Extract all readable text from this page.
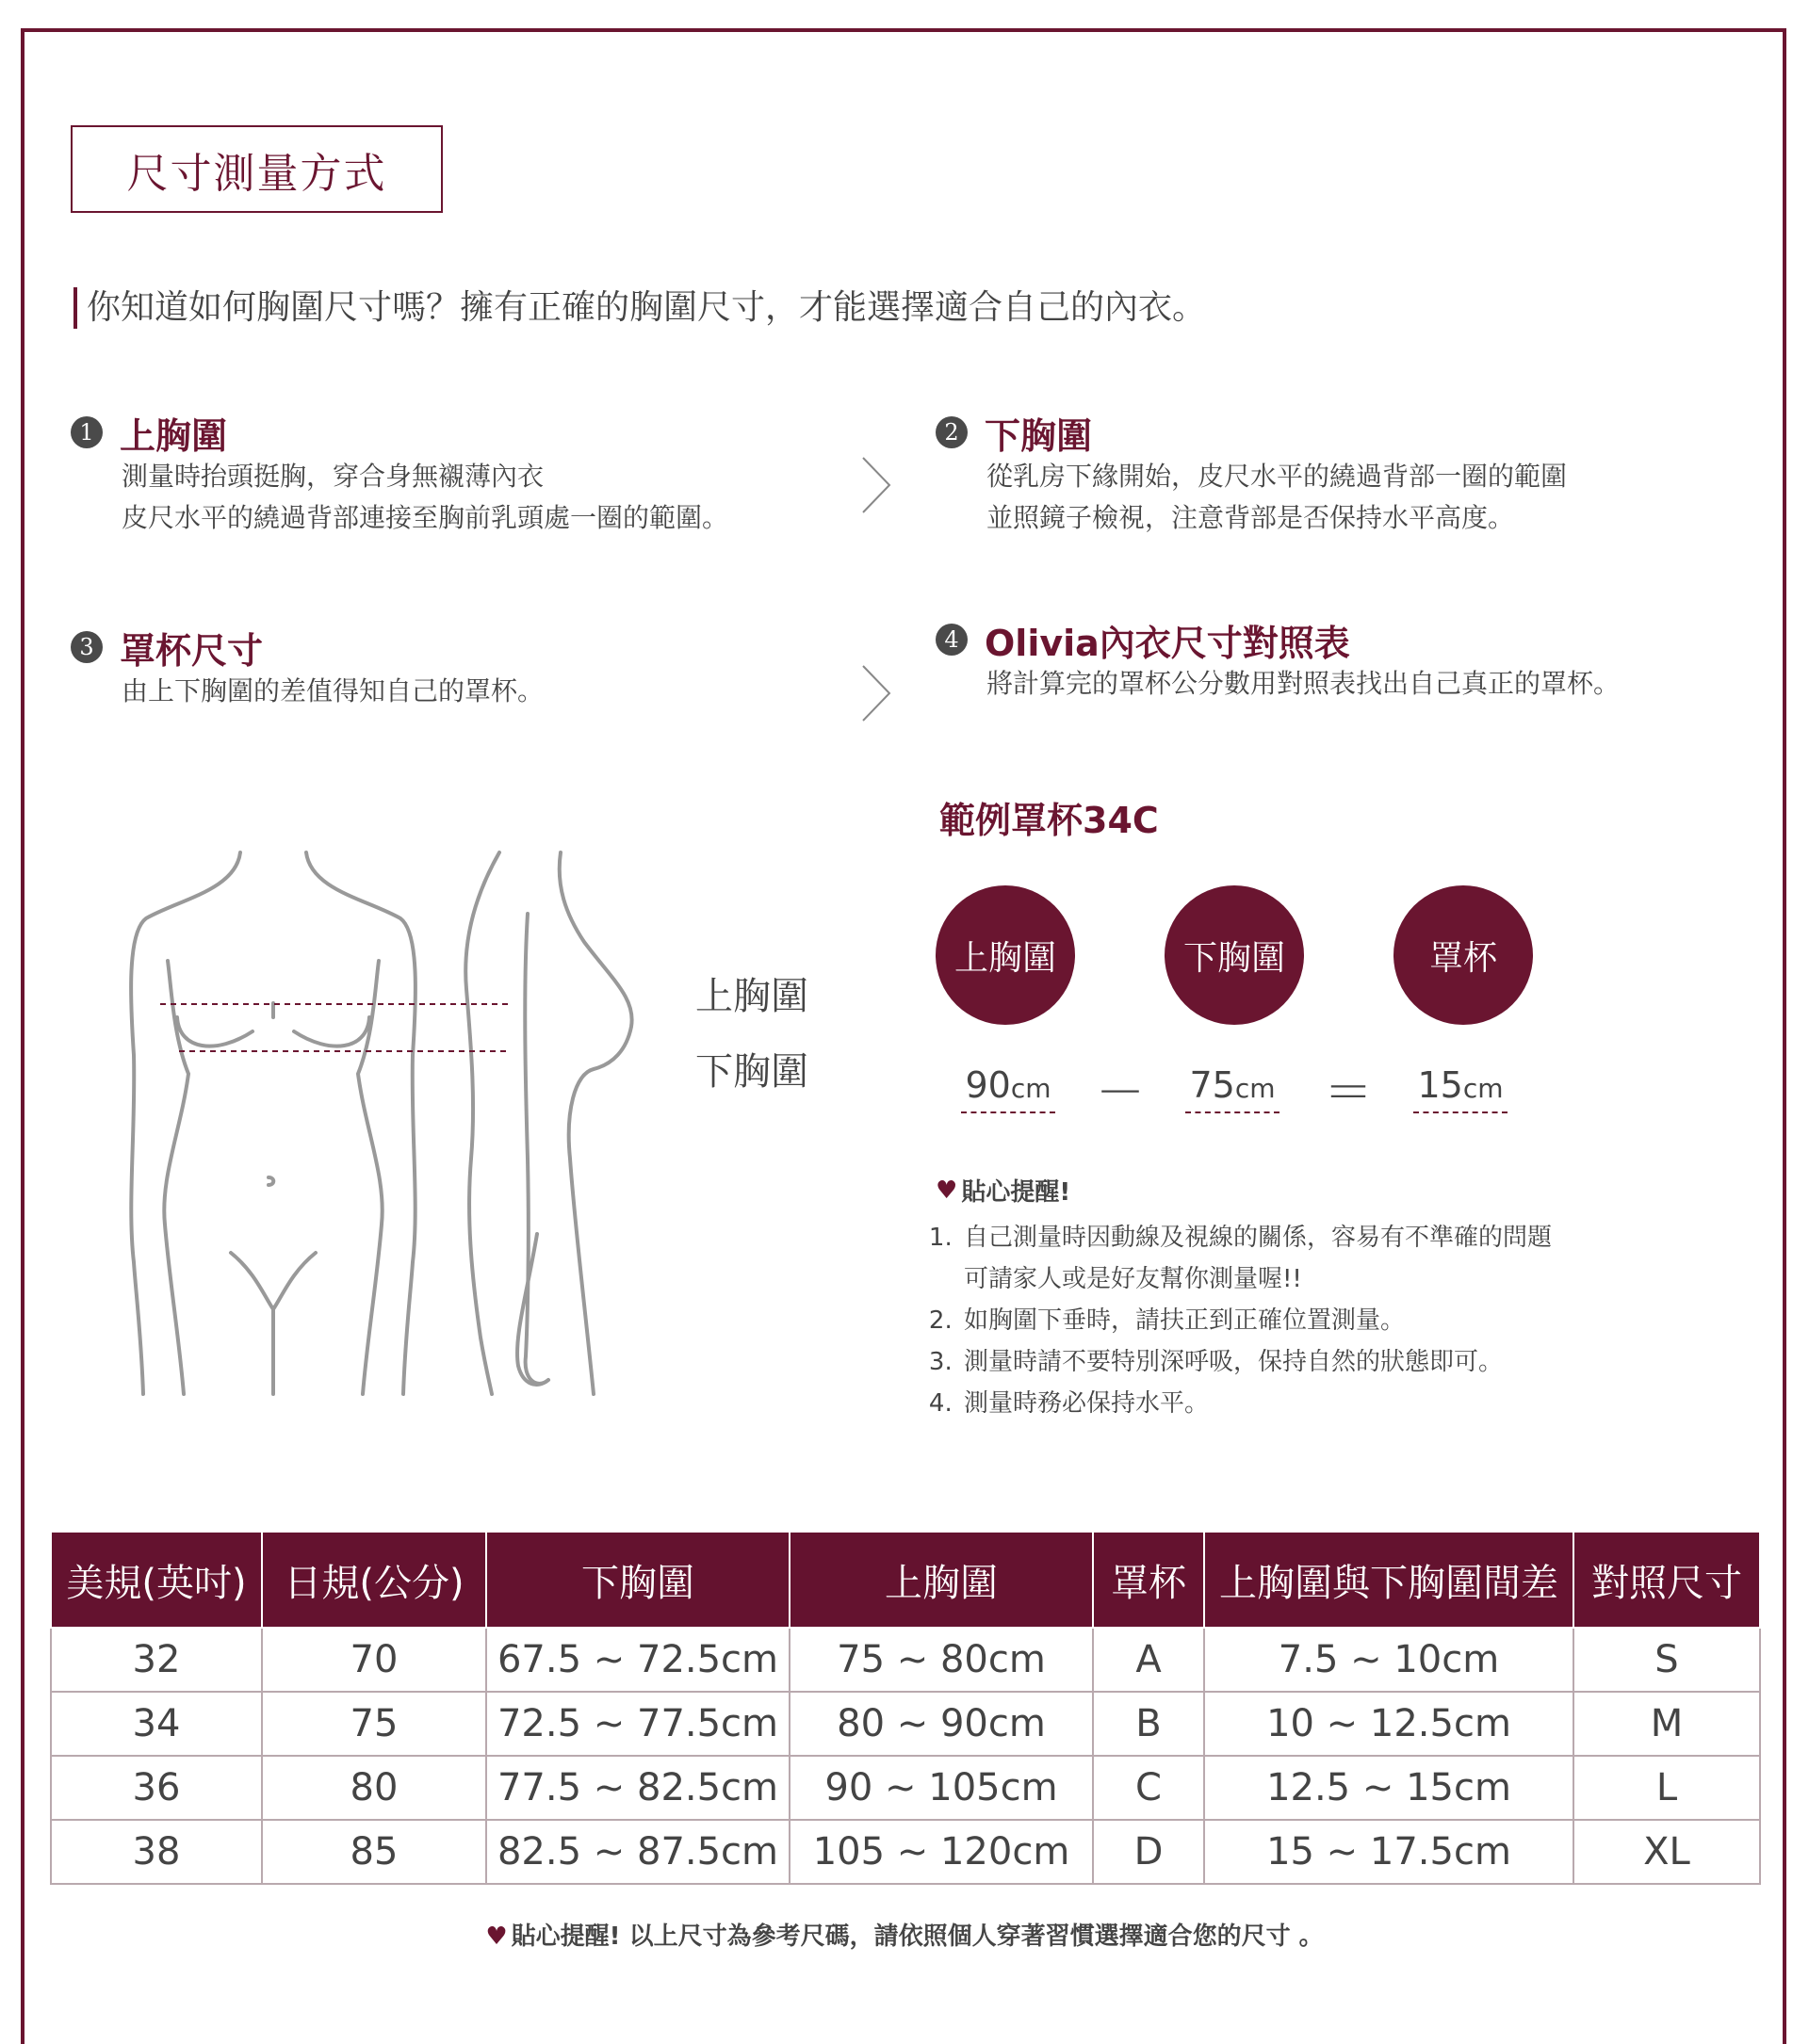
尺寸測量方式
你知道如何胸圍尺寸嗎？擁有正確的胸圍尺寸，才能選擇適合自己的內衣。
1 上胸圍
測量時抬頭挺胸，穿合身無襯薄內衣
皮尺水平的繞過背部連接至胸前乳頭處一圈的範圍。
2 下胸圍
從乳房下緣開始，皮尺水平的繞過背部一圈的範圍
並照鏡子檢視，注意背部是否保持水平高度。
3 罩杯尺寸
由上下胸圍的差值得知自己的罩杯。
4 Olivia內衣尺寸對照表
將計算完的罩杯公分數用對照表找出自己真正的罩杯。
上胸圍
下胸圍
範例罩杯34C
上胸圍	下胸圍	罩杯
90cm － 75cm ＝ 15cm
♥ 貼心提醒!
1. 自己測量時因動線及視線的關係，容易有不準確的問題
可請家人或是好友幫你測量喔!!
2. 如胸圍下垂時，請扶正到正確位置測量。
3. 測量時請不要特別深呼吸，保持自然的狀態即可。
4. 測量時務必保持水平。
美規(英吋)	日規(公分)	下胸圍	上胸圍	罩杯	上胸圍與下胸圍間差	對照尺寸
32	70	67.5 ~ 72.5cm	75 ~ 80cm	A	7.5 ~ 10cm	S
34	75	72.5 ~ 77.5cm	80 ~ 90cm	B	10 ~ 12.5cm	M
36	80	77.5 ~ 82.5cm	90 ~ 105cm	C	12.5 ~ 15cm	L
38	85	82.5 ~ 87.5cm	105 ~ 120cm	D	15 ~ 17.5cm	XL
♥ 貼心提醒! 以上尺寸為參考尺碼，請依照個人穿著習慣選擇適合您的尺寸 。
